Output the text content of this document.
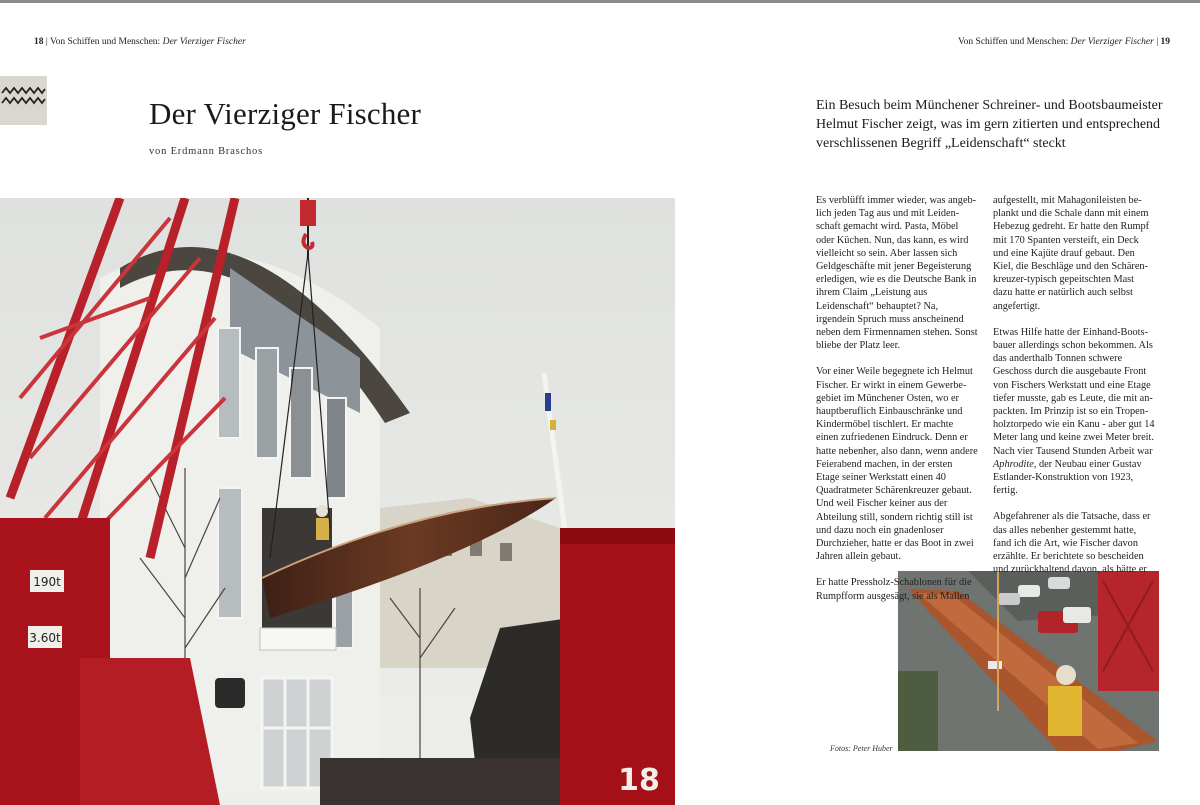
18 | Von Schiffen und Menschen: Der Vierziger Fischer	Von Schiffen und Menschen: Der Vierziger Fischer | 19
Der Vierziger Fischer
von Erdmann Braschos
Ein Besuch beim Münchener Schreiner- und Bootsbaumeister Helmut Fischer zeigt, was im gern zitierten und entsprechend verschlissenen Begriff „Leidenschaft“ steckt
190t
3.60t
18

Es verblüfft immer wieder, was angeblich jeden Tag aus und mit Leidenschaft gemacht wird. Pasta, Möbel oder Küchen. Nun, das kann, es wird vielleicht so sein. Aber lassen sich Geldgeschäfte mit jener Begeisterung erledigen, wie es die Deutsche Bank in ihrem Claim „Leistung aus Leidenschaft“ behauptet? Na, irgendein Spruch muss anscheinend neben dem Firmennamen stehen. Sonst bliebe der Platz leer.

Vor einer Weile begegnete ich Helmut Fischer. Er wirkt in einem Gewerbegebiet im Münchener Osten, wo er hauptberuflich Einbauschränke und Kindermöbel tischlert. Er machte einen zufriedenen Eindruck. Denn er hatte nebenher, also dann, wenn andere Feierabend machen, in der ersten Etage seiner Werkstatt einen 40 Quadratmeter Schärenkreuzer gebaut. Und weil Fischer keiner aus der Abteilung still, sondern richtig still ist und dazu noch ein gnadenloser Durchzieher, hatte er das Boot in zwei Jahren allein gebaut.

Er hatte Pressholz-Schablonen für die Rumpfform ausgesägt, sie als Mallen

aufgestellt, mit Mahagonileisten beplankt und die Schale dann mit einem Hebezug gedreht. Er hatte den Rumpf mit 170 Spanten versteift, ein Deck und eine Kajüte drauf gebaut. Den Kiel, die Beschläge und den Schärenkreuzer-typisch gepeitschten Mast dazu hatte er natürlich auch selbst angefertigt.

Etwas Hilfe hatte der Einhand-Bootsbauer allerdings schon bekommen. Als das anderthalb Tonnen schwere Geschoss durch die ausgebaute Front von Fischers Werkstatt und eine Etage tiefer musste, gab es Leute, die mit anpackten. Im Prinzip ist so ein Tropenholztorpedo wie ein Kanu - aber gut 14 Meter lang und keine zwei Meter breit. Nach vier Tausend Stunden Arbeit war Aphrodite, der Neubau einer Gustav Estlander-Konstruktion von 1923, fertig.

Abgefahrener als die Tatsache, dass er das alles nebenher gestemmt hatte, fand ich die Art, wie Fischer davon erzählte. Er berichtete so bescheiden und zurückhaltend davon, als hätte er

Fotos: Peter Huber
